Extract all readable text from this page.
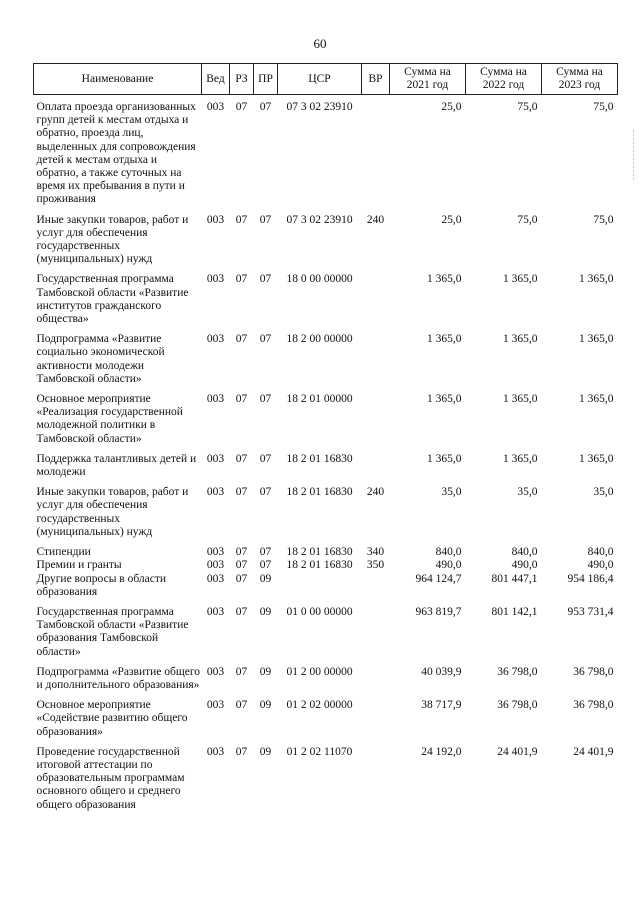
60
Наименование	Вед	РЗ	ПР	ЦСР	ВР	Сумма на 2021 год	Сумма на 2022 год	Сумма на 2023 год

Оплата проезда организованных групп детей к местам отдыха и обратно, проезда лиц, выделенных для сопровождения детей к местам отдыха и обратно, а также суточных на время их пребывания в пути и проживания	003	07	07	07 3 02 23910		25,0	75,0	75,0
Иные закупки товаров, работ и услуг для обеспечения государственных (муниципальных) нужд	003	07	07	07 3 02 23910	240	25,0	75,0	75,0
Государственная программа Тамбовской области «Развитие институтов гражданского общества»	003	07	07	18 0 00 00000		1 365,0	1 365,0	1 365,0
Подпрограмма «Развитие социально экономической активности молодежи Тамбовской области»	003	07	07	18 2 00 00000		1 365,0	1 365,0	1 365,0
Основное мероприятие «Реализация государственной молодежной политики в Тамбовской области»	003	07	07	18 2 01 00000		1 365,0	1 365,0	1 365,0
Поддержка талантливых детей и молодежи	003	07	07	18 2 01 16830		1 365,0	1 365,0	1 365,0
Иные закупки товаров, работ и услуг для обеспечения государственных (муниципальных) нужд	003	07	07	18 2 01 16830	240	35,0	35,0	35,0
Стипендии	003	07	07	18 2 01 16830	340	840,0	840,0	840,0
Премии и гранты	003	07	07	18 2 01 16830	350	490,0	490,0	490,0
Другие вопросы в области образования	003	07	09			964 124,7	801 447,1	954 186,4
Государственная программа Тамбовской области «Развитие образования Тамбовской области»	003	07	09	01 0 00 00000		963 819,7	801 142,1	953 731,4
Подпрограмма «Развитие общего и дополнительного образования»	003	07	09	01 2 00 00000		40 039,9	36 798,0	36 798,0
Основное мероприятие «Содействие развитию общего образования»	003	07	09	01 2 02 00000		38 717,9	36 798,0	36 798,0
Проведение государственной итоговой аттестации по образовательным программам основного общего и среднего общего образования	003	07	09	01 2 02 11070		24 192,0	24 401,9	24 401,9
